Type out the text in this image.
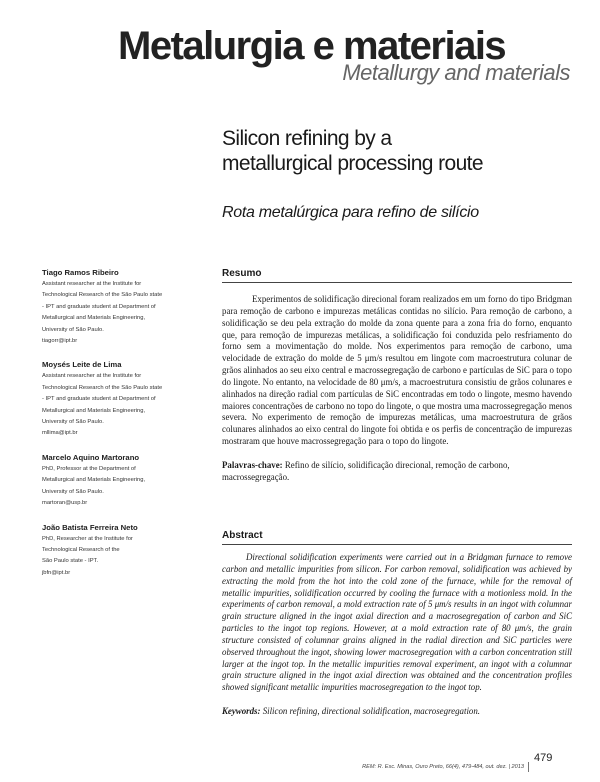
Metalurgia e materiais
Metallurgy and materials
Silicon refining by a
metallurgical processing route
Rota metalúrgica para refino de silício
Tiago Ramos Ribeiro
Assistant researcher at the Institute for
Technological Research of the São Paulo state
- IPT and graduate student at Department of
Metallurgical and Materials Engineering,
University of São Paulo.
tiagorr@ipt.br
Moysés Leite de Lima
Assistant researcher at the Institute for
Technological Research of the São Paulo state
- IPT and graduate student at Department of
Metallurgical and Materials Engineering,
University of São Paulo.
mllima@ipt.br
Marcelo Aquino Martorano
PhD, Professor at the Department of
Metallurgical and Materials Engineering,
University of São Paulo.
martoran@usp.br
João Batista Ferreira Neto
PhD, Researcher at the Institute for
Technological Research of the
São Paulo state - IPT.
jbfn@ipt.br
Resumo
Experimentos de solidificação direcional foram realizados em um forno do tipo Bridgman para remoção de carbono e impurezas metálicas contidas no silício. Para remoção de carbono, a solidificação se deu pela extração do molde da zona quente para a zona fria do forno, enquanto que, para remoção de impurezas metálicas, a solidificação foi conduzida pelo resfriamento do forno sem a movimentação do molde. Nos experimentos para remoção de carbono, uma velocidade de extração do molde de 5 μm/s resultou em lingote com macroestrutura colunar de grãos alinhados ao seu eixo central e macrossegregação de carbono e partículas de SiC para o topo do lingote. No entanto, na velocidade de 80 μm/s, a macroestrutura consistiu de grãos colunares e alinhados na direção radial com partículas de SiC encontradas em todo o lingote, mesmo havendo maiores concentrações de carbono no topo do lingote, o que mostra uma macrossegregação menos severa. No experimento de remoção de impurezas metálicas, uma macroestrutura de grãos colunares alinhados ao eixo central do lingote foi obtida e os perfis de concentração de impurezas mostraram que houve macrossegregação para o topo do lingote.
Palavras-chave: Refino de silício, solidificação direcional, remoção de carbono, macrossegregação.
Abstract
Directional solidification experiments were carried out in a Bridgman furnace to remove carbon and metallic impurities from silicon. For carbon removal, solidification was achieved by extracting the mold from the hot into the cold zone of the furnace, while for the removal of metallic impurities, solidification occurred by cooling the furnace with a motionless mold. In the experiments of carbon removal, a mold extraction rate of 5 μm/s results in an ingot with columnar grain structure aligned in the ingot axial direction and a macrosegregation of carbon and SiC particles to the ingot top regions. However, at a mold extraction rate of 80 μm/s, the grain structure consisted of columnar grains aligned in the radial direction and SiC particles were observed throughout the ingot, showing lower macrosegregation with a carbon concentration still larger at the ingot top. In the metallic impurities removal experiment, an ingot with a columnar grain structure aligned in the ingot axial direction was obtained and the concentration profiles showed significant metallic impurities macrosegregation to the ingot top.
Keywords: Silicon refining, directional solidification, macrosegregation.
REM: R. Esc. Minas, Ouro Preto, 66(4), 479-484, out. dez. | 2013
479
